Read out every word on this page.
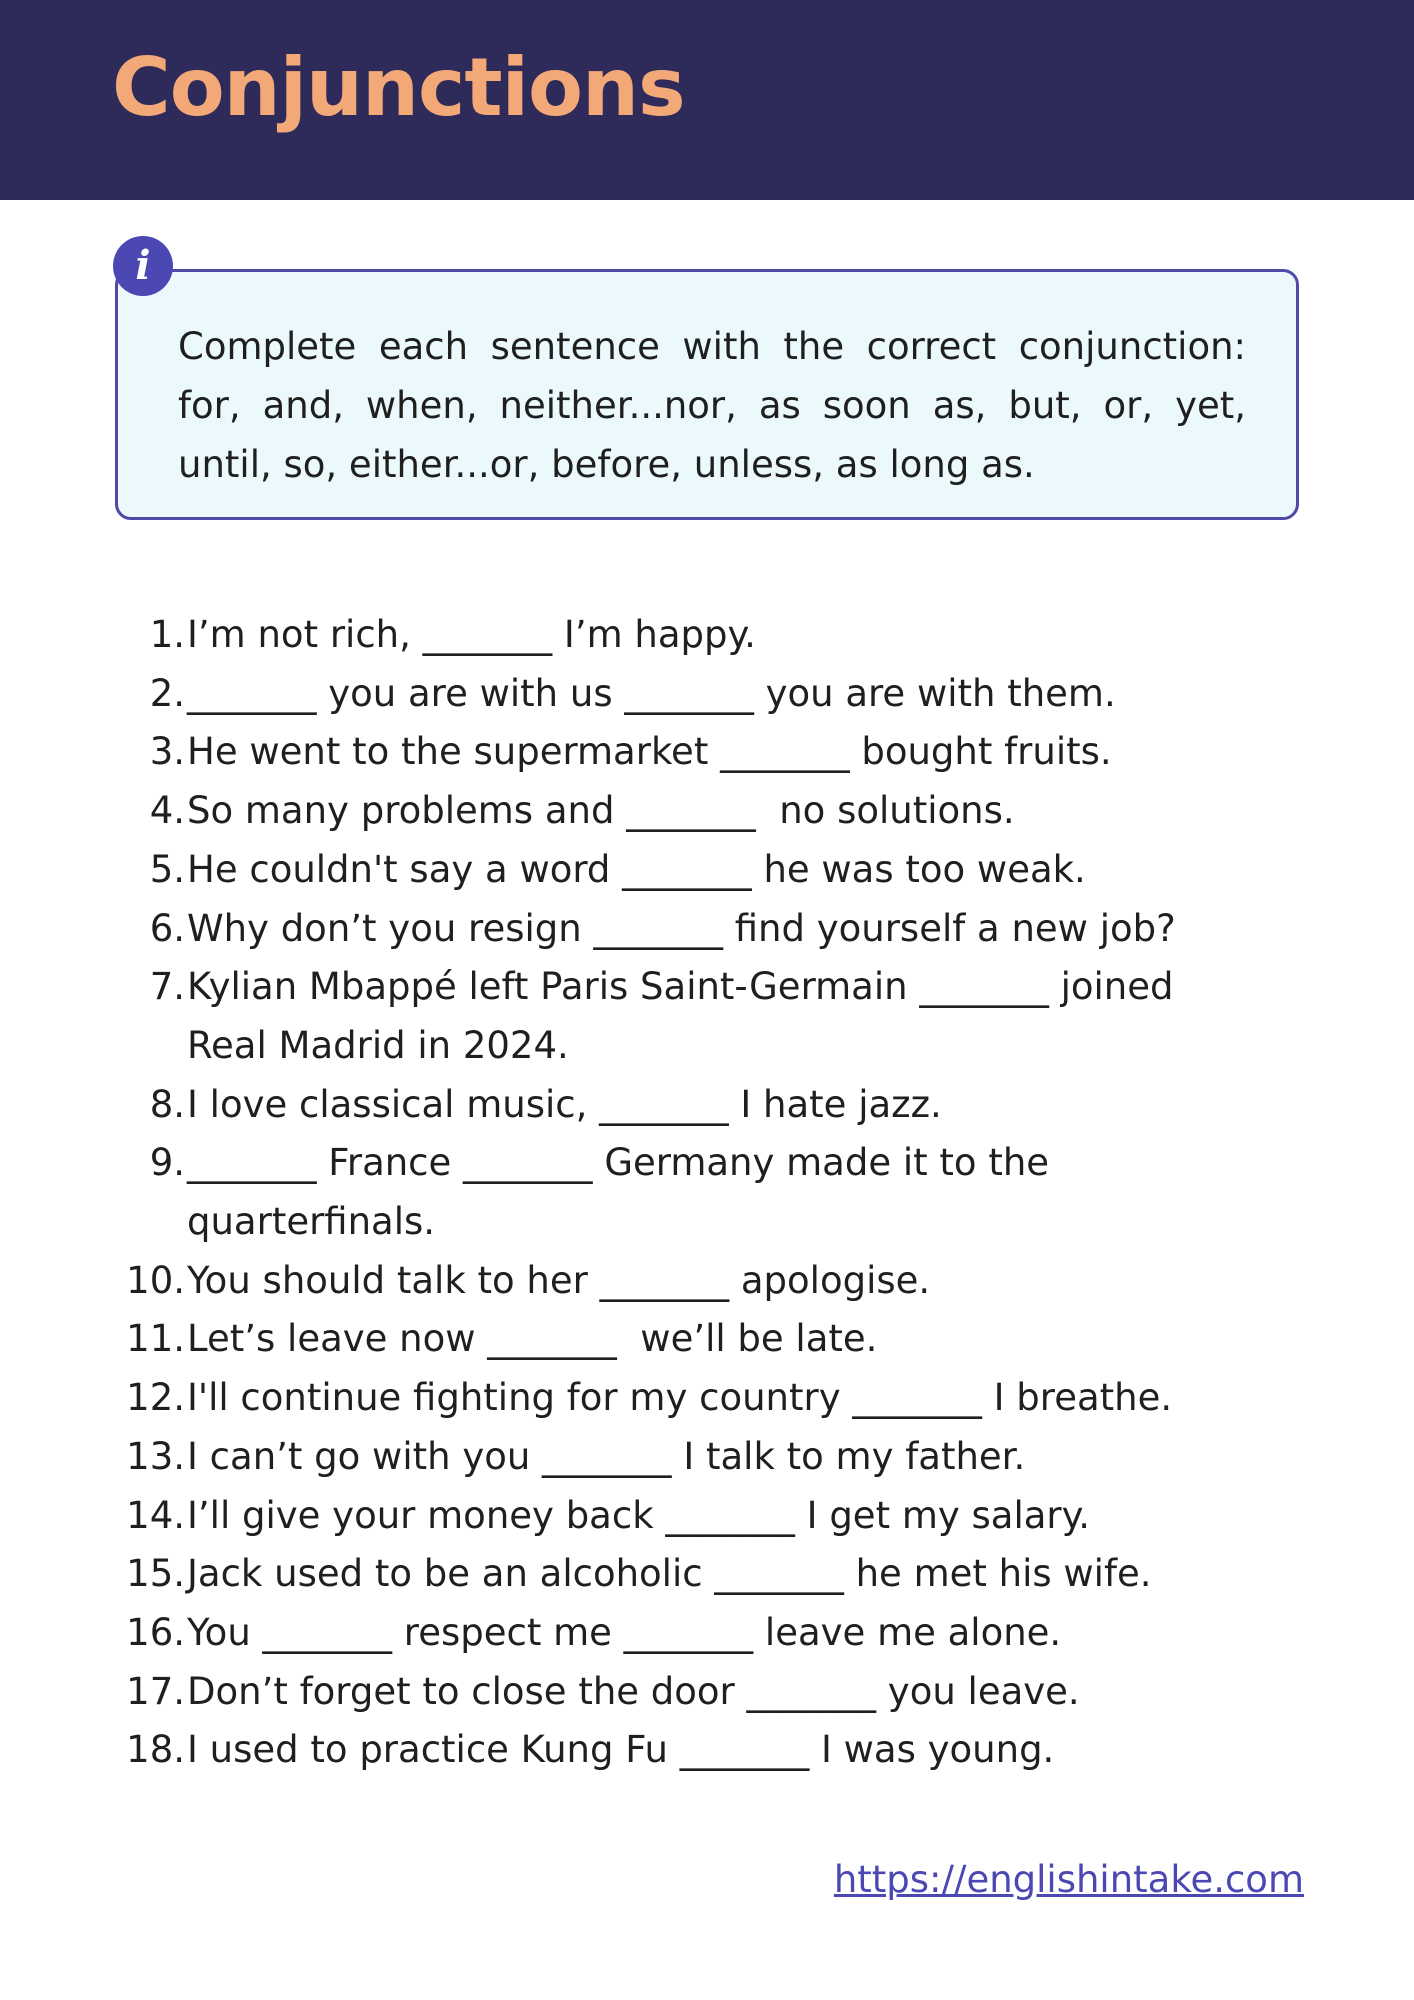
Conjunctions
Complete each sentence with the correct conjunction: for, and, when, neither...nor, as soon as, but, or, yet, until, so, either...or, before, unless, as long as.
i
1. I’m not rich, _______ I’m happy.
2. _______ you are with us _______ you are with them.
3. He went to the supermarket _______ bought fruits.
4. So many problems and _______  no solutions.
5. He couldn't say a word _______ he was too weak.
6. Why don’t you resign _______ find yourself a new job?
7. Kylian Mbappé left Paris Saint-Germain _______ joined
Real Madrid in 2024.
8. I love classical music, _______ I hate jazz.
9. _______ France _______ Germany made it to the
quarterfinals.
10. You should talk to her _______ apologise.
11. Let’s leave now _______  we’ll be late.
12. I'll continue fighting for my country _______ I breathe.
13. I can’t go with you _______ I talk to my father.
14. I’ll give your money back _______ I get my salary.
15. Jack used to be an alcoholic _______ he met his wife.
16. You _______ respect me _______ leave me alone.
17. Don’t forget to close the door _______ you leave.
18. I used to practice Kung Fu _______ I was young.
https://englishintake.com
